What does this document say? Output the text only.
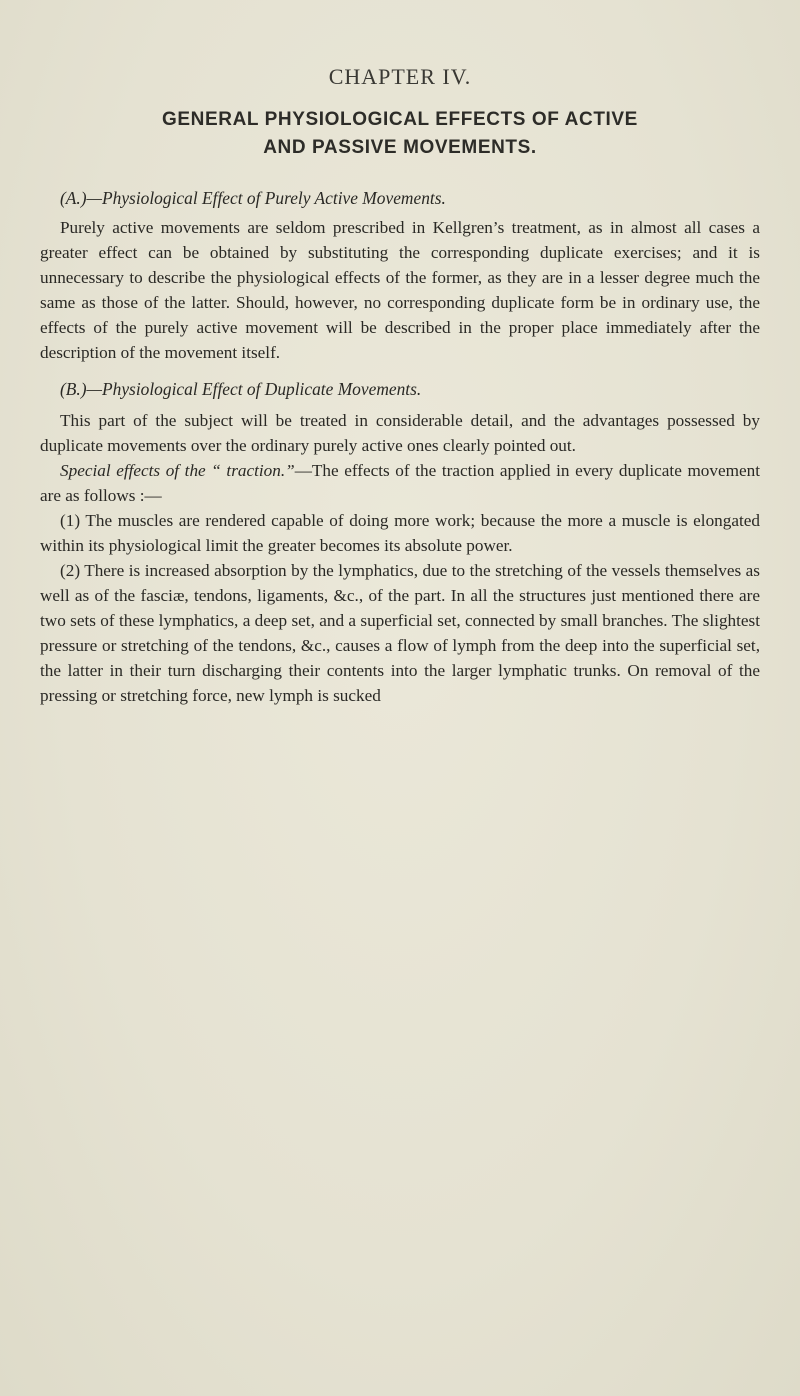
CHAPTER IV.
GENERAL PHYSIOLOGICAL EFFECTS OF ACTIVE
AND PASSIVE MOVEMENTS.
(A.)—Physiological Effect of Purely Active Movements.

Purely active movements are seldom prescribed in Kellgren’s treatment, as in almost all cases a greater effect can be obtained by substituting the corresponding duplicate exercises; and it is unnecessary to describe the physiological effects of the former, as they are in a lesser degree much the same as those of the latter. Should, however, no corresponding duplicate form be in ordinary use, the effects of the purely active movement will be described in the proper place immediately after the description of the movement itself.

(B.)—Physiological Effect of Duplicate Movements.

This part of the subject will be treated in considerable detail, and the advantages possessed by duplicate movements over the ordinary purely active ones clearly pointed out.

Special effects of the “ traction.”—The effects of the traction applied in every duplicate movement are as follows :—

(1) The muscles are rendered capable of doing more work; because the more a muscle is elongated within its physiological limit the greater becomes its absolute power.

(2) There is increased absorption by the lymphatics, due to the stretching of the vessels themselves as well as of the fasciæ, tendons, ligaments, &c., of the part. In all the structures just mentioned there are two sets of these lymphatics, a deep set, and a superficial set, connected by small branches. The slightest pressure or stretching of the tendons, &c., causes a flow of lymph from the deep into the superficial set, the latter in their turn discharging their contents into the larger lymphatic trunks. On removal of the pressing or stretching force, new lymph is sucked
